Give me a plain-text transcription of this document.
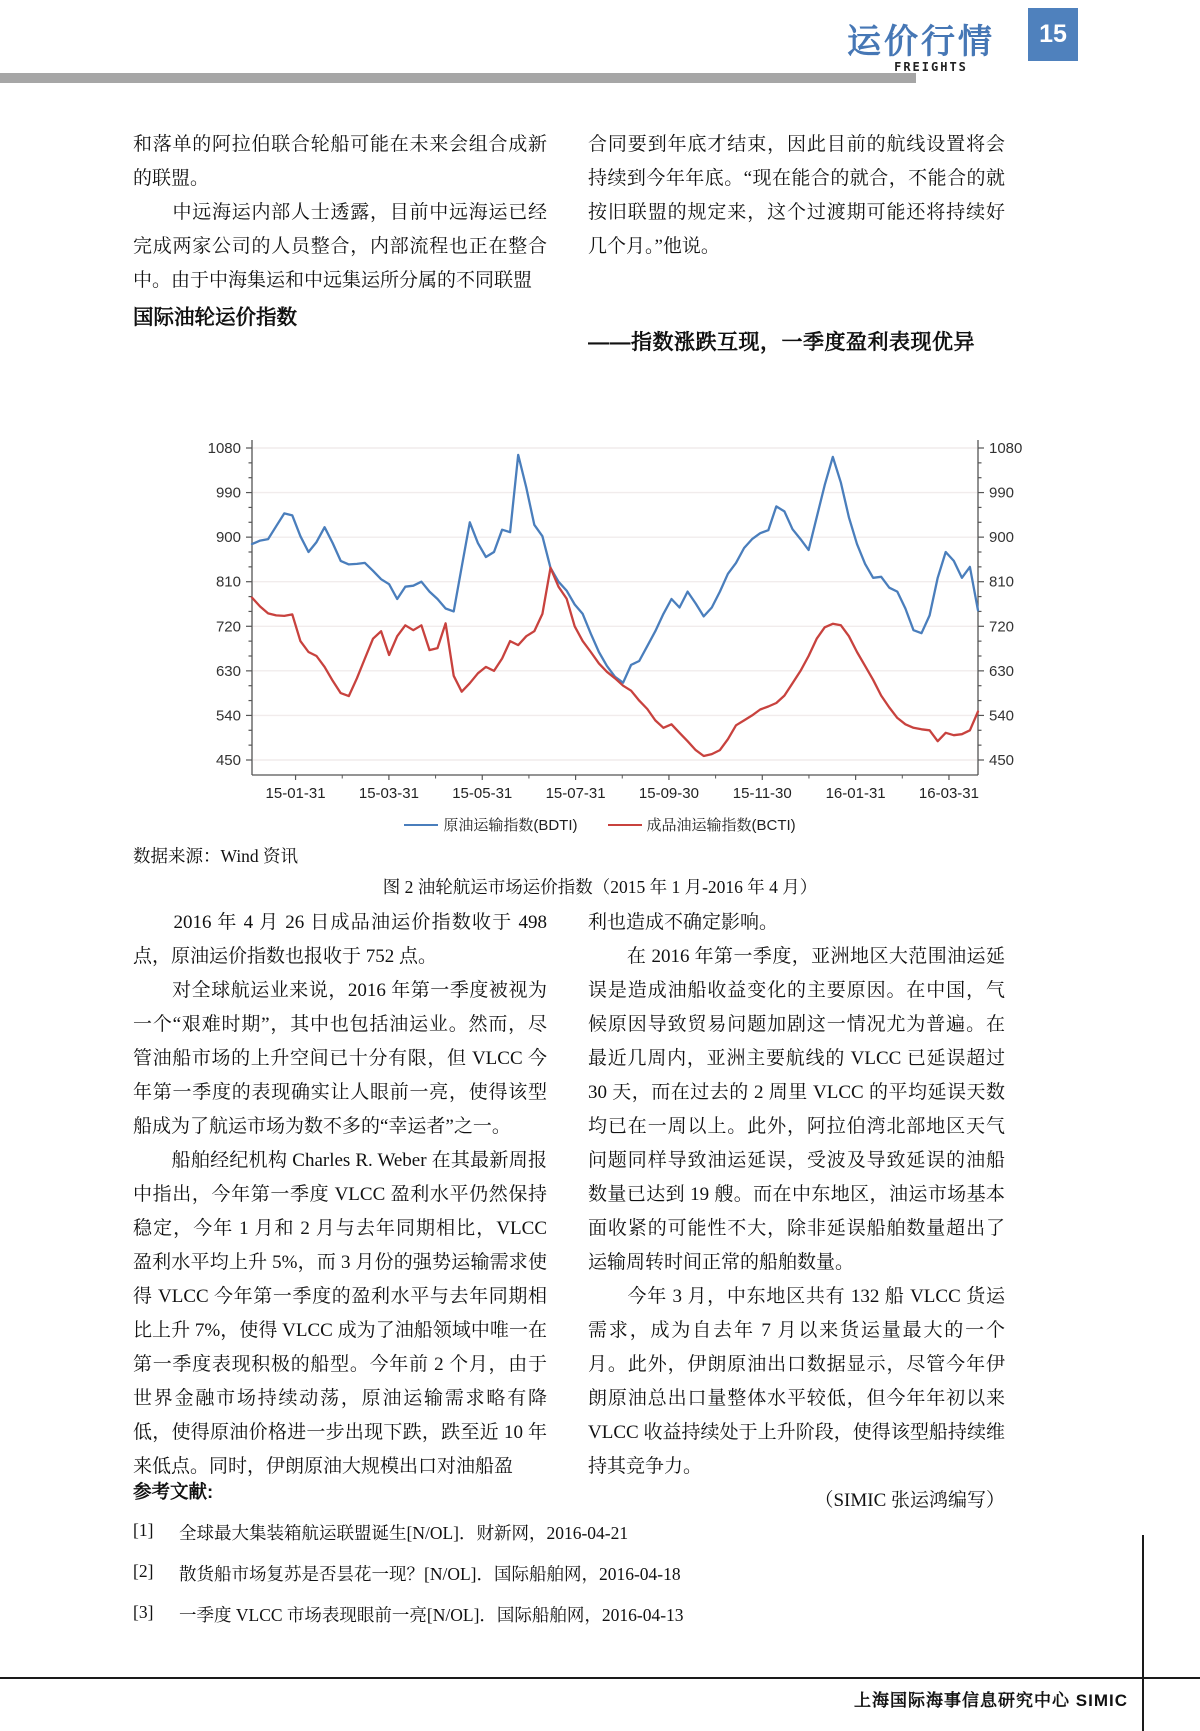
运价行情
FREIGHTS
15

和落单的阿拉伯联合轮船可能在未来会组合成新的联盟。

　　中远海运内部人士透露，目前中远海运已经完成两家公司的人员整合，内部流程也正在整合中。由于中海集运和中远集运所分属的不同联盟

国际油轮运价指数

合同要到年底才结束，因此目前的航线设置将会持续到今年年底。“现在能合的就合，不能合的就按旧联盟的规定来，这个过渡期可能还将持续好几个月。”他说。

——指数涨跌互现，一季度盈利表现优异
450	450
540	540
630	630
720	720
810	810
900	900
990	990
1080	1080
15-01-31 15-03-31 15-05-31 15-07-31 15-09-30 15-11-30 16-01-31 16-03-31
原油运输指数(BDTI)	成品油运输指数(BCTI)
数据来源：Wind 资讯
图 2 油轮航运市场运价指数（2015 年 1 月-2016 年 4 月）

　　2016 年 4 月 26 日成品油运价指数收于 498 点，原油运价指数也报收于 752 点。

　　对全球航运业来说，2016 年第一季度被视为一个“艰难时期”，其中也包括油运业。然而，尽管油船市场的上升空间已十分有限，但 VLCC 今年第一季度的表现确实让人眼前一亮，使得该型船成为了航运市场为数不多的“幸运者”之一。

　　船舶经纪机构 Charles R. Weber 在其最新周报中指出，今年第一季度 VLCC 盈利水平仍然保持稳定，今年 1 月和 2 月与去年同期相比，VLCC 盈利水平均上升 5%，而 3 月份的强势运输需求使得 VLCC 今年第一季度的盈利水平与去年同期相比上升 7%，使得 VLCC 成为了油船领域中唯一在第一季度表现积极的船型。今年前 2 个月，由于世界金融市场持续动荡，原油运输需求略有降低，使得原油价格进一步出现下跌，跌至近 10 年来低点。同时，伊朗原油大规模出口对油船盈

利也造成不确定影响。

　　在 2016 年第一季度，亚洲地区大范围油运延误是造成油船收益变化的主要原因。在中国，气候原因导致贸易问题加剧这一情况尤为普遍。在最近几周内，亚洲主要航线的 VLCC 已延误超过 30 天，而在过去的 2 周里 VLCC 的平均延误天数均已在一周以上。此外，阿拉伯湾北部地区天气问题同样导致油运延误，受波及导致延误的油船数量已达到 19 艘。而在中东地区，油运市场基本面收紧的可能性不大，除非延误船舶数量超出了运输周转时间正常的船舶数量。

　　今年 3 月，中东地区共有 132 船 VLCC 货运需求，成为自去年 7 月以来货运量最大的一个月。此外，伊朗原油出口数据显示，尽管今年伊朗原油总出口量整体水平较低，但今年年初以来 VLCC 收益持续处于上升阶段，使得该型船持续维持其竞争力。

（SIMIC 张运鸿编写）

参考文献:
[1]	全球最大集装箱航运联盟诞生[N/OL]．财新网，2016-04-21
[2]	散货船市场复苏是否昙花一现？[N/OL]．国际船舶网，2016-04-18
[3]	一季度 VLCC 市场表现眼前一亮[N/OL]．国际船舶网，2016-04-13
上海国际海事信息研究中心 SIMIC
